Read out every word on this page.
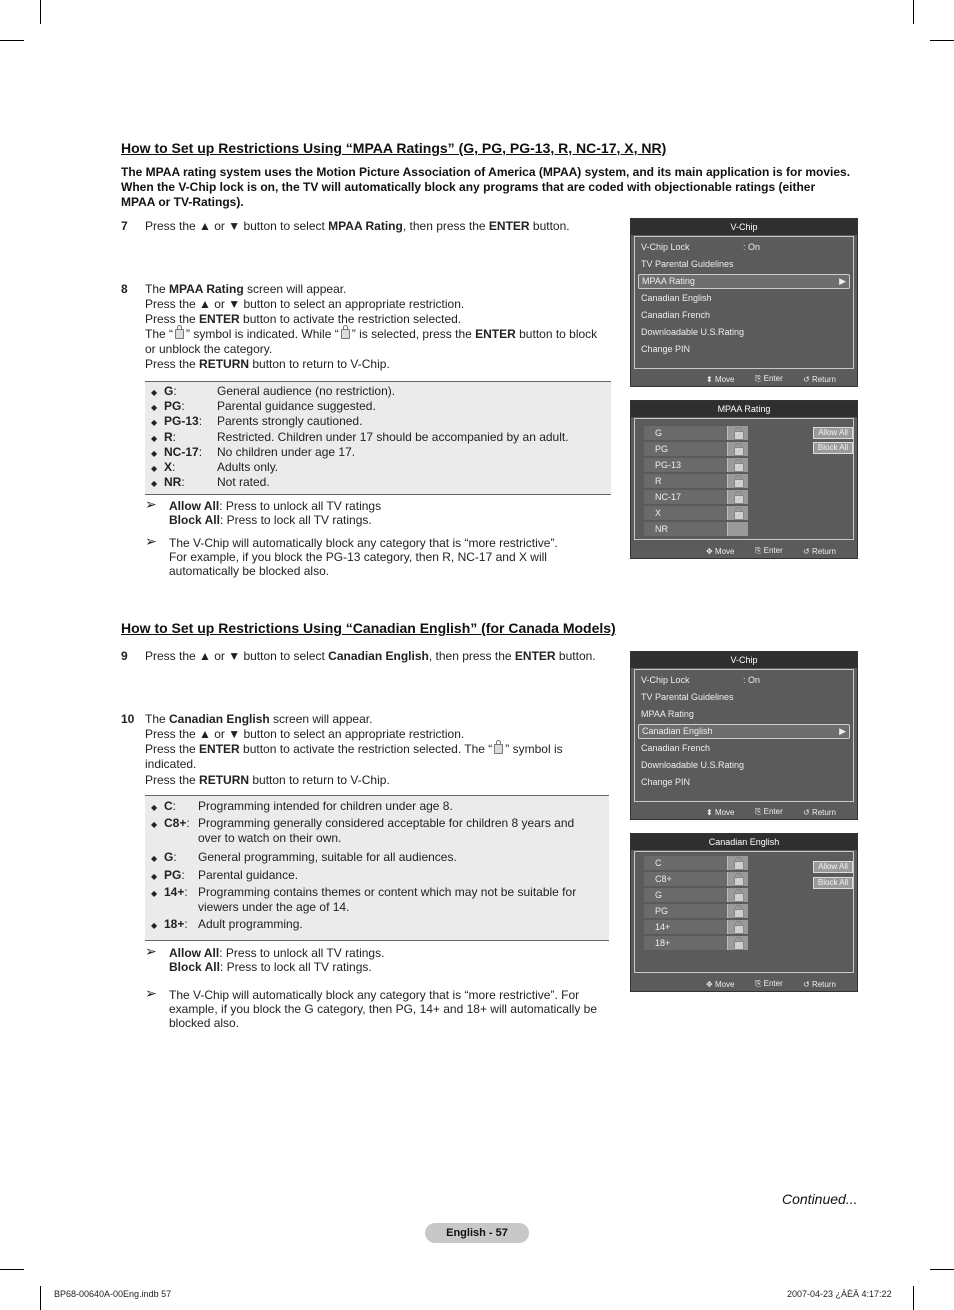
How to Set up Restrictions Using “MPAA Ratings” (G, PG, PG-13, R, NC-17, X, NR)

The MPAA rating system uses the Motion Picture Association of America (MPAA) system, and its main application is for movies. When the V-Chip lock is on, the TV will automatically block any programs that are coded with objectionable ratings (either MPAA or TV-Ratings).

7 Press the ▲ or ▼ button to select MPAA Rating, then press the ENTER button.
8 The MPAA Rating screen will appear.
Press the ▲ or ▼ button to select an appropriate restriction.
Press the ENTER button to activate the restriction selected.
The “ ” symbol is indicated. While “ ” is selected, press the ENTER button to block or unblock the category.
Press the RETURN button to return to V-Chip.
◆ G:	General audience (no restriction).
◆ PG:	Parental guidance suggested.
◆ PG-13: Parents strongly cautioned.
◆ R:	Restricted. Children under 17 should be accompanied by an adult.
◆ NC-17: No children under age 17.
◆ X:	Adults only.
◆ NR:	Not rated.
➢ Allow All: Press to unlock all TV ratings
Block All: Press to lock all TV ratings.
➢ The V-Chip will automatically block any category that is “more restrictive”. For example, if you block the PG-13 category, then R, NC-17 and X will automatically be blocked also.
V-Chip
V-Chip Lock	: On
TV Parental Guidelines
MPAA Rating	▶
Canadian English
Canadian French
Downloadable U.S.Rating
Change PIN
⬍ Move	⎘ Enter	↺ Return
MPAA Rating
G
PG
PG-13
R
NC-17
X
NR
Allow All
Block All
✥ Move	⎘ Enter	↺ Return
How to Set up Restrictions Using “Canadian English” (for Canada Models)
9 Press the ▲ or ▼ button to select Canadian English, then press the ENTER button.
10 The Canadian English screen will appear.
Press the ▲ or ▼ button to select an appropriate restriction.
Press the ENTER button to activate the restriction selected. The “ ” symbol is indicated.
Press the RETURN button to return to V-Chip.
◆ C: Programming intended for children under age 8.
◆ C8+: Programming generally considered acceptable for children 8 years and over to watch on their own.
◆ G: General programming, suitable for all audiences.
◆ PG: Parental guidance.
◆ 14+: Programming contains themes or content which may not be suitable for viewers under the age of 14.
◆ 18+: Adult programming.
➢ Allow All: Press to unlock all TV ratings.
Block All: Press to lock all TV ratings.
➢ The V-Chip will automatically block any category that is “more restrictive”. For example, if you block the G category, then PG, 14+ and 18+ will automatically be blocked also.
V-Chip
V-Chip Lock	: On
TV Parental Guidelines
MPAA Rating
Canadian English	▶
Canadian French
Downloadable U.S.Rating
Change PIN
⬍ Move	⎘ Enter	↺ Return
Canadian English
C
C8+
G
PG
14+
18+
Allow All
Block All
✥ Move	⎘ Enter	↺ Return
Continued...
English - 57
BP68-00640A-00Eng.indb 57	2007-04-23 ¿ÀÈÄ 4:17:22
